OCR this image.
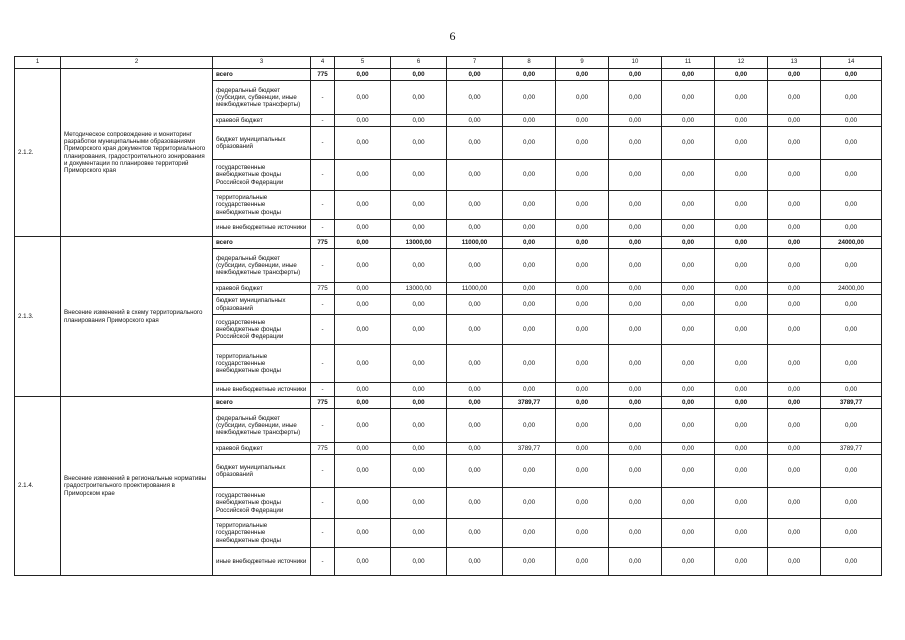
6
1	2	3	4	5	6	7	8	9	10	11	12	13	14
2.1.2.	Методическое сопровождение и мониторинг разработки муниципальными образованиями Приморского края документов территориального планирования, градостроительного зонирования и документации по планировке территорий Приморского края	всего	775	0,00	0,00	0,00	0,00	0,00	0,00	0,00	0,00	0,00	0,00
		федеральный бюджет (субсидии, субвенции, иные межбюджетные трансферты)	-	0,00	0,00	0,00	0,00	0,00	0,00	0,00	0,00	0,00	0,00
		краевой бюджет	-	0,00	0,00	0,00	0,00	0,00	0,00	0,00	0,00	0,00	0,00
		бюджет муниципальных образований	-	0,00	0,00	0,00	0,00	0,00	0,00	0,00	0,00	0,00	0,00
		государственные внебюджетные фонды Российской Федерации	-	0,00	0,00	0,00	0,00	0,00	0,00	0,00	0,00	0,00	0,00
		территориальные государственные внебюджетные фонды	-	0,00	0,00	0,00	0,00	0,00	0,00	0,00	0,00	0,00	0,00
		иные внебюджетные источники	-	0,00	0,00	0,00	0,00	0,00	0,00	0,00	0,00	0,00	0,00
2.1.3.	Внесение изменений в схему территориального планирования Приморского края	всего	775	0,00	13000,00	11000,00	0,00	0,00	0,00	0,00	0,00	0,00	24000,00
		федеральный бюджет (субсидии, субвенции, иные межбюджетные трансферты)	-	0,00	0,00	0,00	0,00	0,00	0,00	0,00	0,00	0,00	0,00
		краевой бюджет	775	0,00	13000,00	11000,00	0,00	0,00	0,00	0,00	0,00	0,00	24000,00
		бюджет муниципальных образований	-	0,00	0,00	0,00	0,00	0,00	0,00	0,00	0,00	0,00	0,00
		государственные внебюджетные фонды Российской Федерации	-	0,00	0,00	0,00	0,00	0,00	0,00	0,00	0,00	0,00	0,00
		территориальные государственные внебюджетные фонды	-	0,00	0,00	0,00	0,00	0,00	0,00	0,00	0,00	0,00	0,00
		иные внебюджетные источники	-	0,00	0,00	0,00	0,00	0,00	0,00	0,00	0,00	0,00	0,00
2.1.4.	Внесение изменений в региональные нормативы градостроительного проектирования в Приморском крае	всего	775	0,00	0,00	0,00	3789,77	0,00	0,00	0,00	0,00	0,00	3789,77
		федеральный бюджет (субсидии, субвенции, иные межбюджетные трансферты)	-	0,00	0,00	0,00	0,00	0,00	0,00	0,00	0,00	0,00	0,00
		краевой бюджет	775	0,00	0,00	0,00	3789,77	0,00	0,00	0,00	0,00	0,00	3789,77
		бюджет муниципальных образований	-	0,00	0,00	0,00	0,00	0,00	0,00	0,00	0,00	0,00	0,00
		государственные внебюджетные фонды Российской Федерации	-	0,00	0,00	0,00	0,00	0,00	0,00	0,00	0,00	0,00	0,00
		территориальные государственные внебюджетные фонды	-	0,00	0,00	0,00	0,00	0,00	0,00	0,00	0,00	0,00	0,00
		иные внебюджетные источники	-	0,00	0,00	0,00	0,00	0,00	0,00	0,00	0,00	0,00	0,00
